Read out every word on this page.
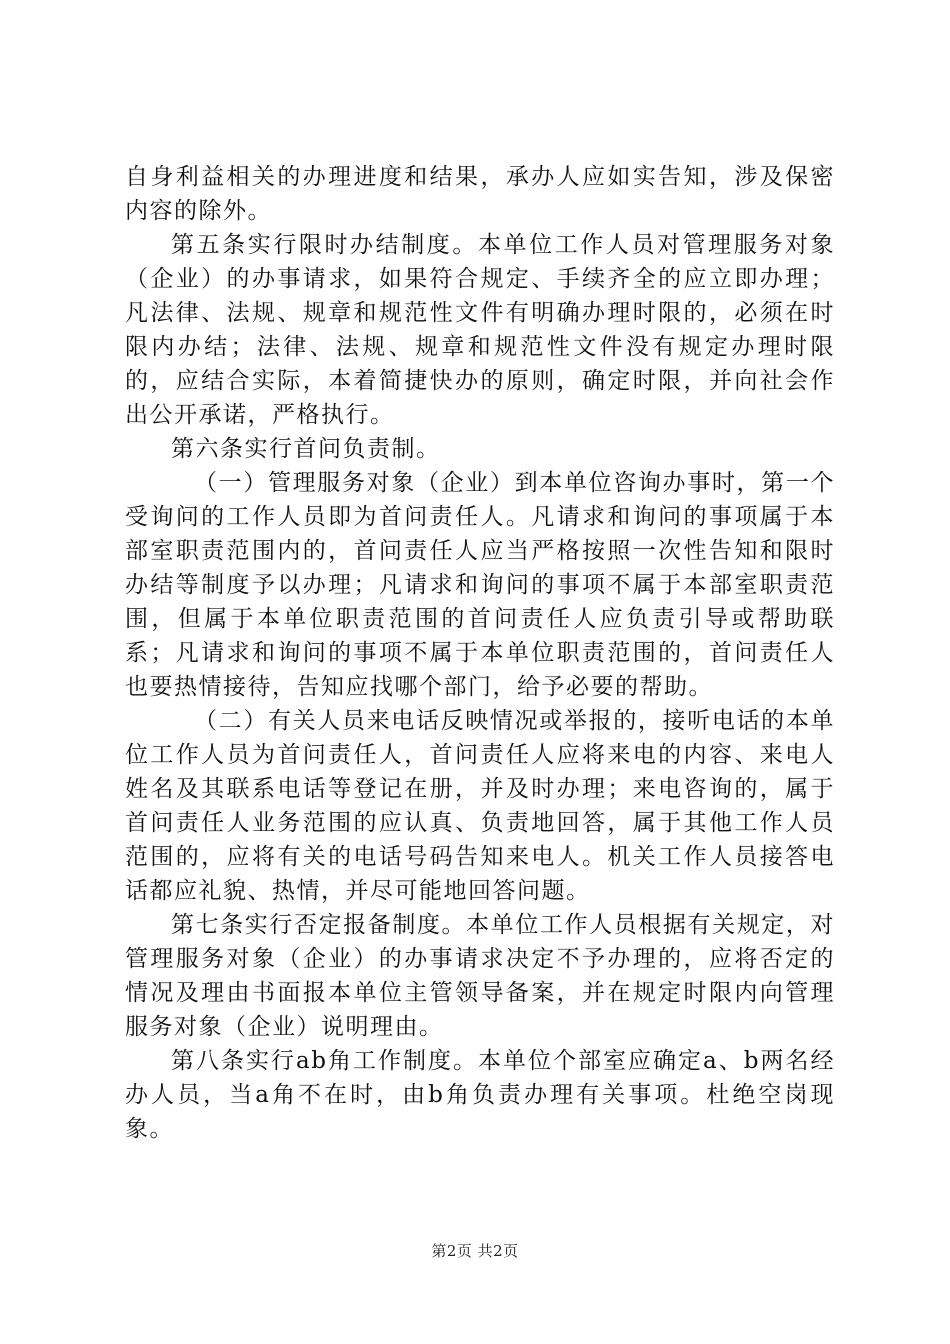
自身利益相关的办理进度和结果，承办人应如实告知，涉及保密内容的除外。

第五条实行限时办结制度。本单位工作人员对管理服务对象（企业）的办事请求，如果符合规定、手续齐全的应立即办理；凡法律、法规、规章和规范性文件有明确办理时限的，必须在时限内办结；法律、法规、规章和规范性文件没有规定办理时限的，应结合实际，本着简捷快办的原则，确定时限，并向社会作出公开承诺，严格执行。

第六条实行首问负责制。

（一）管理服务对象（企业）到本单位咨询办事时，第一个受询问的工作人员即为首问责任人。凡请求和询问的事项属于本部室职责范围内的，首问责任人应当严格按照一次性告知和限时办结等制度予以办理；凡请求和询问的事项不属于本部室职责范围，但属于本单位职责范围的首问责任人应负责引导或帮助联系；凡请求和询问的事项不属于本单位职责范围的，首问责任人也要热情接待，告知应找哪个部门，给予必要的帮助。

（二）有关人员来电话反映情况或举报的，接听电话的本单位工作人员为首问责任人，首问责任人应将来电的内容、来电人姓名及其联系电话等登记在册，并及时办理；来电咨询的，属于首问责任人业务范围的应认真、负责地回答，属于其他工作人员范围的，应将有关的电话号码告知来电人。机关工作人员接答电话都应礼貌、热情，并尽可能地回答问题。

第七条实行否定报备制度。本单位工作人员根据有关规定，对管理服务对象（企业）的办事请求决定不予办理的，应将否定的情况及理由书面报本单位主管领导备案，并在规定时限内向管理服务对象（企业）说明理由。

第八条实行ab角工作制度。本单位个部室应确定a、b两名经办人员，当a角不在时，由b角负责办理有关事项。杜绝空岗现象。

第2页 共2页
